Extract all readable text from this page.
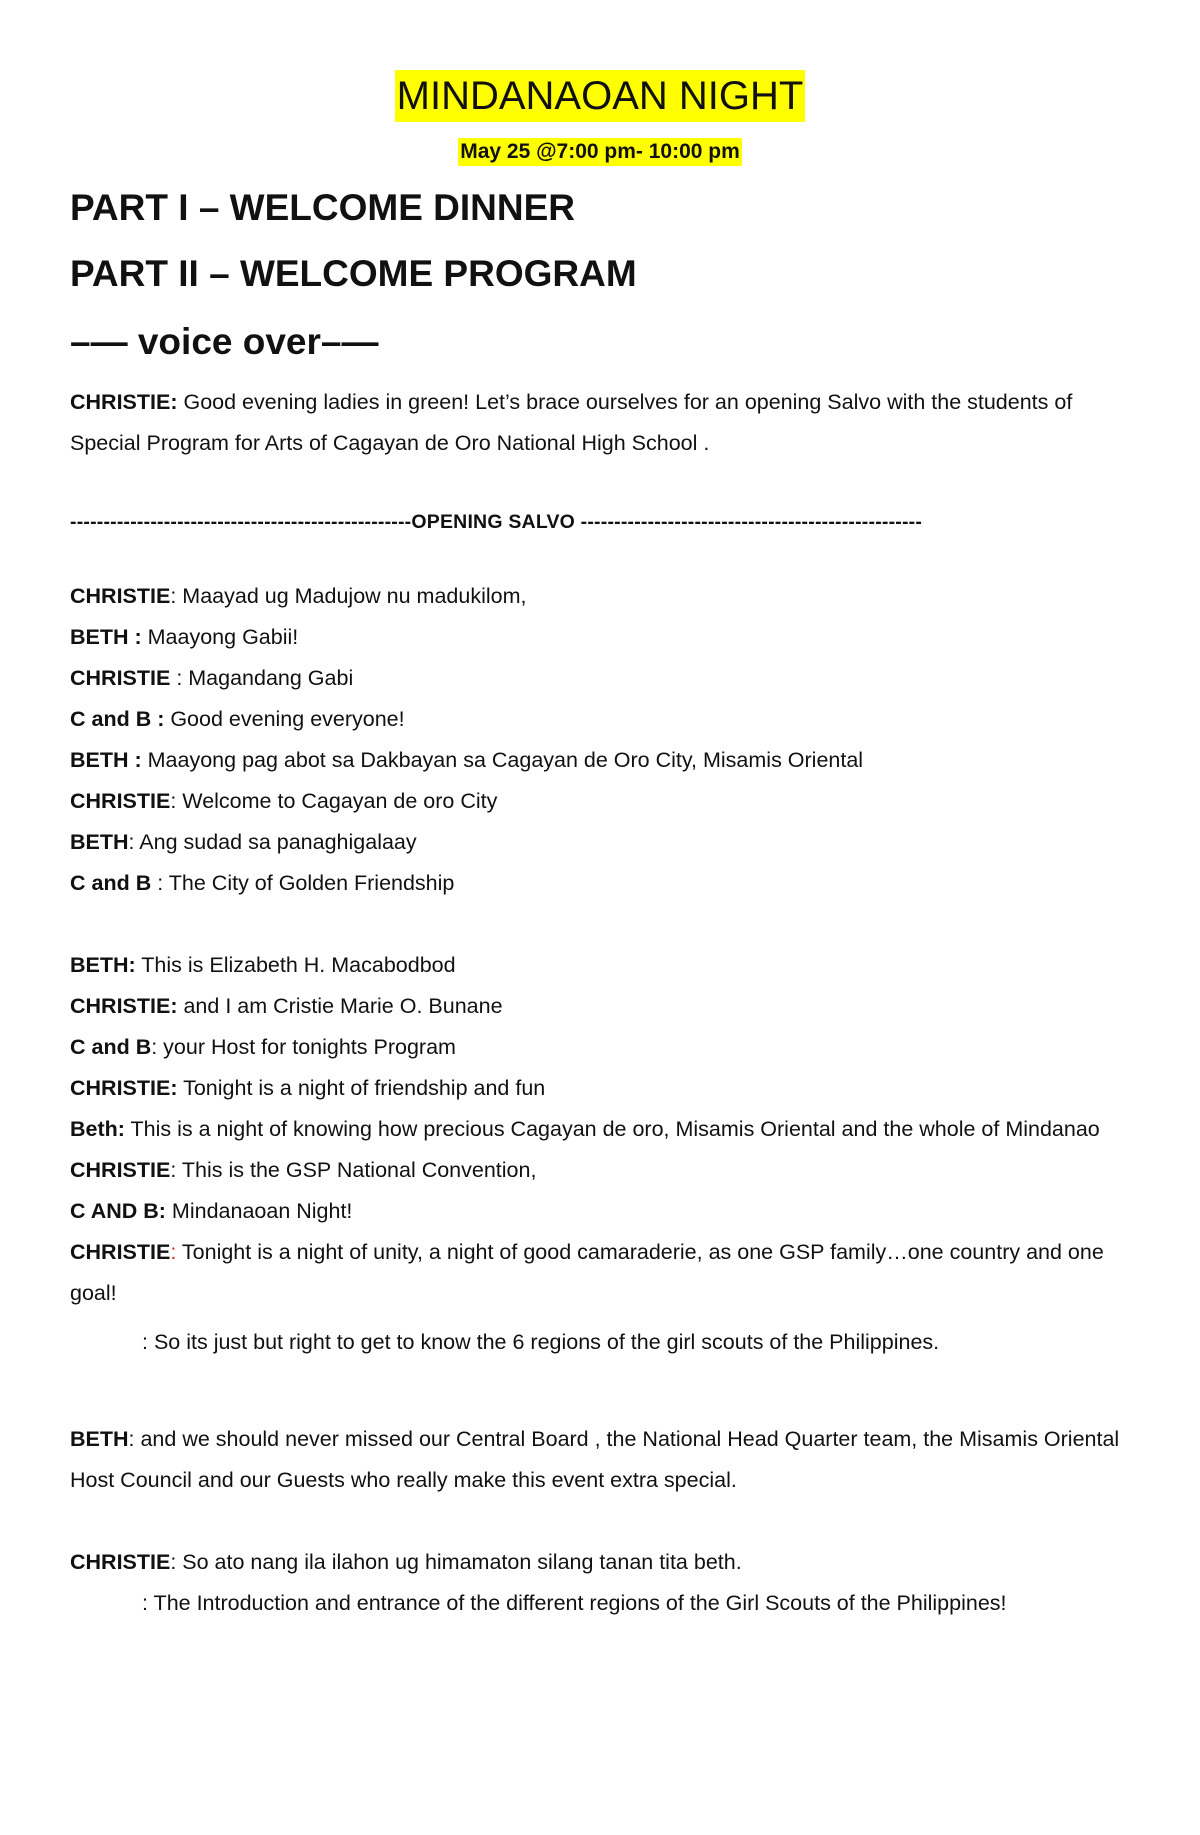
MINDANAOAN NIGHT
May 25 @7:00 pm- 10:00 pm

PART I – WELCOME DINNER

PART II – WELCOME PROGRAM

–— voice over–—

CHRISTIE: Good evening ladies in green! Let’s brace ourselves for an opening Salvo with the students of Special Program for Arts of Cagayan de Oro National High School .

---------------------------------------------------OPENING SALVO ---------------------------------------------------

CHRISTIE: Maayad ug Madujow nu madukilom,

BETH : Maayong Gabii!

CHRISTIE : Magandang Gabi

C and B : Good evening everyone!

BETH : Maayong pag abot sa Dakbayan sa Cagayan de Oro City, Misamis Oriental

CHRISTIE: Welcome to Cagayan de oro City

BETH: Ang sudad sa panaghigalaay

C and B : The City of Golden Friendship

BETH: This is Elizabeth H. Macabodbod

CHRISTIE: and I am Cristie Marie O. Bunane

C and B: your Host for tonights Program

CHRISTIE: Tonight is a night of friendship and fun

Beth: This is a night of knowing how precious Cagayan de oro, Misamis Oriental and the whole of Mindanao

CHRISTIE: This is the GSP National Convention,

C AND B: Mindanaoan Night!

CHRISTIE: Tonight is a night of unity, a night of good camaraderie, as one GSP family…one country and one goal!

: So its just but right to get to know the 6 regions of the girl scouts of the Philippines.

BETH: and we should never missed our Central Board , the National Head Quarter team, the Misamis Oriental Host Council and our Guests who really make this event extra special.

CHRISTIE: So ato nang ila ilahon ug himamaton silang tanan tita beth.

: The Introduction and entrance of the different regions of the Girl Scouts of the Philippines!
